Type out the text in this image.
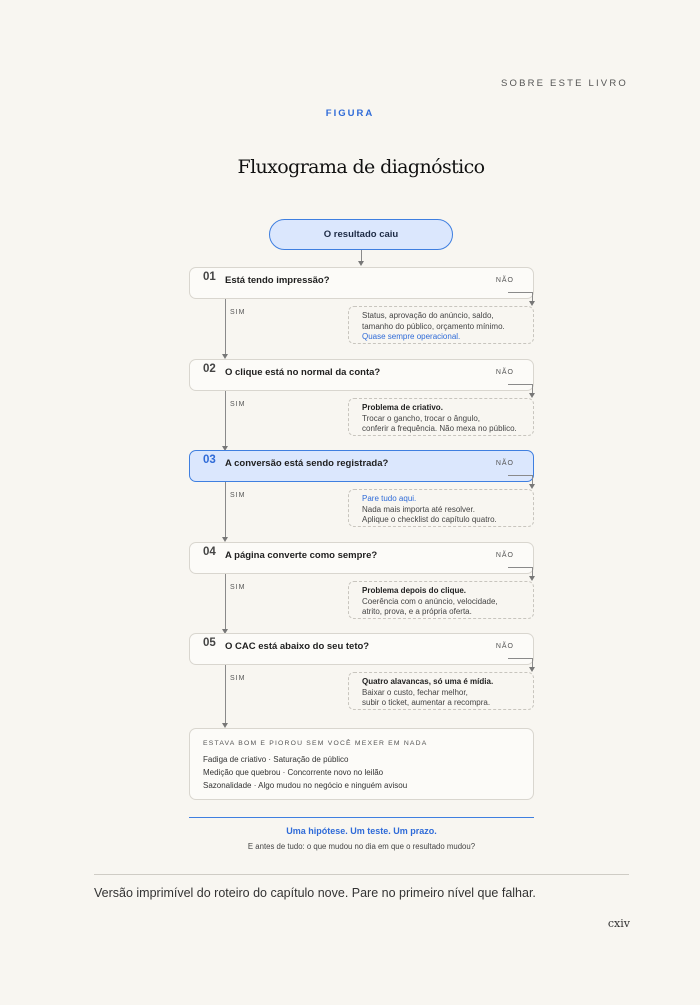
SOBRE ESTE LIVRO
FIGURA
Fluxograma de diagnóstico
O resultado caiu
01 Está tendo impressão?	NÃO
Status, aprovação do anúncio, saldo,
tamanho do público, orçamento mínimo.
Quase sempre operacional.
SIM
02 O clique está no normal da conta?	NÃO
Problema de criativo.
Trocar o gancho, trocar o ângulo,
conferir a frequência. Não mexa no público.
SIM
03 A conversão está sendo registrada?	NÃO
Pare tudo aqui.
Nada mais importa até resolver.
Aplique o checklist do capítulo quatro.
SIM
04 A página converte como sempre?	NÃO
Problema depois do clique.
Coerência com o anúncio, velocidade,
atrito, prova, e a própria oferta.
SIM
05 O CAC está abaixo do seu teto?	NÃO
Quatro alavancas, só uma é mídia.
Baixar o custo, fechar melhor,
subir o ticket, aumentar a recompra.
SIM
ESTAVA BOM E PIOROU SEM VOCÊ MEXER EM NADA
Fadiga de criativo · Saturação de público
Medição que quebrou · Concorrente novo no leilão
Sazonalidade · Algo mudou no negócio e ninguém avisou
Uma hipótese. Um teste. Um prazo.
E antes de tudo: o que mudou no dia em que o resultado mudou?
Versão imprimível do roteiro do capítulo nove. Pare no primeiro nível que falhar.
cxiv
